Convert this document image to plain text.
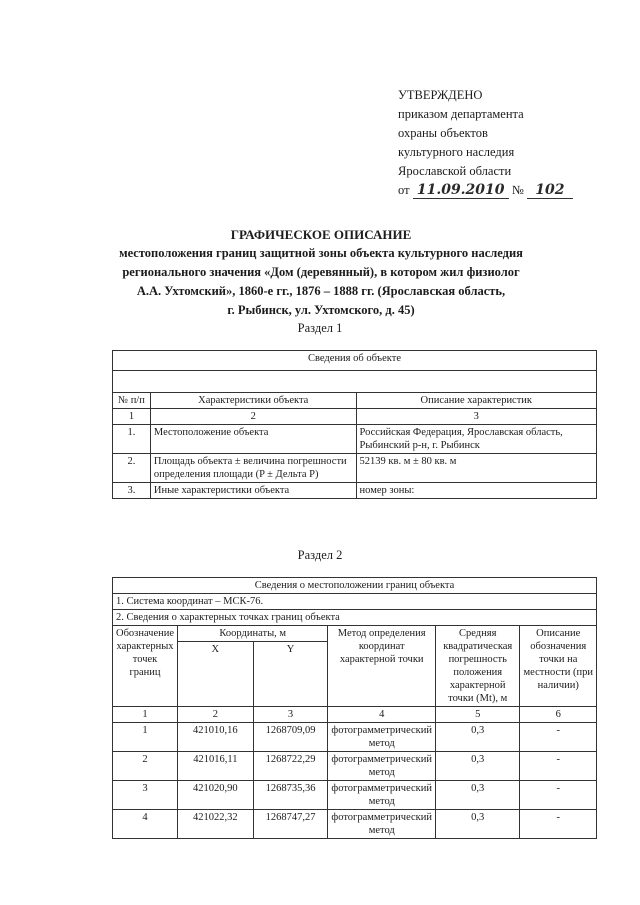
УТВЕРЖДЕНО
приказом департамента
охраны объектов
культурного наследия
Ярославской области
от 11.09.2010 № 102
ГРАФИЧЕСКОЕ ОПИСАНИЕ
местоположения границ защитной зоны объекта культурного наследия
регионального значения «Дом (деревянный), в котором жил физиолог
А.А. Ухтомский», 1860-е гг., 1876 – 1888 гг. (Ярославская область,
г. Рыбинск, ул. Ухтомского, д. 45)
Раздел 1
Сведения об объекте		

№ п/п	Характеристики объекта	Описание характеристик
1	2	3
1.	Местоположение объекта	Российская Федерация, Ярославская область, Рыбинский р-н, г. Рыбинск
2.	Площадь объекта ± величина погрешности определения площади (P ± Дельта P)	52139 кв. м ± 80 кв. м
3.	Иные характеристики объекта	номер зоны:
Раздел 2
Сведения о местоположении границ объекта					
1. Система координат – МСК-76.					
2. Сведения о характерных точках границ объекта					
Обозначение характерных точек границ	Координаты, м		Метод определения координат характерной точки	Средняя квадратическая погрешность положения характерной точки (Mt), м	Описание обозначения точки на местности (при наличии)
	X	Y			
1	2	3	4	5	6
1	421010,16	1268709,09	фотограмметрический метод	0,3	-
2	421016,11	1268722,29	фотограмметрический метод	0,3	-
3	421020,90	1268735,36	фотограмметрический метод	0,3	-
4	421022,32	1268747,27	фотограмметрический метод	0,3	-
